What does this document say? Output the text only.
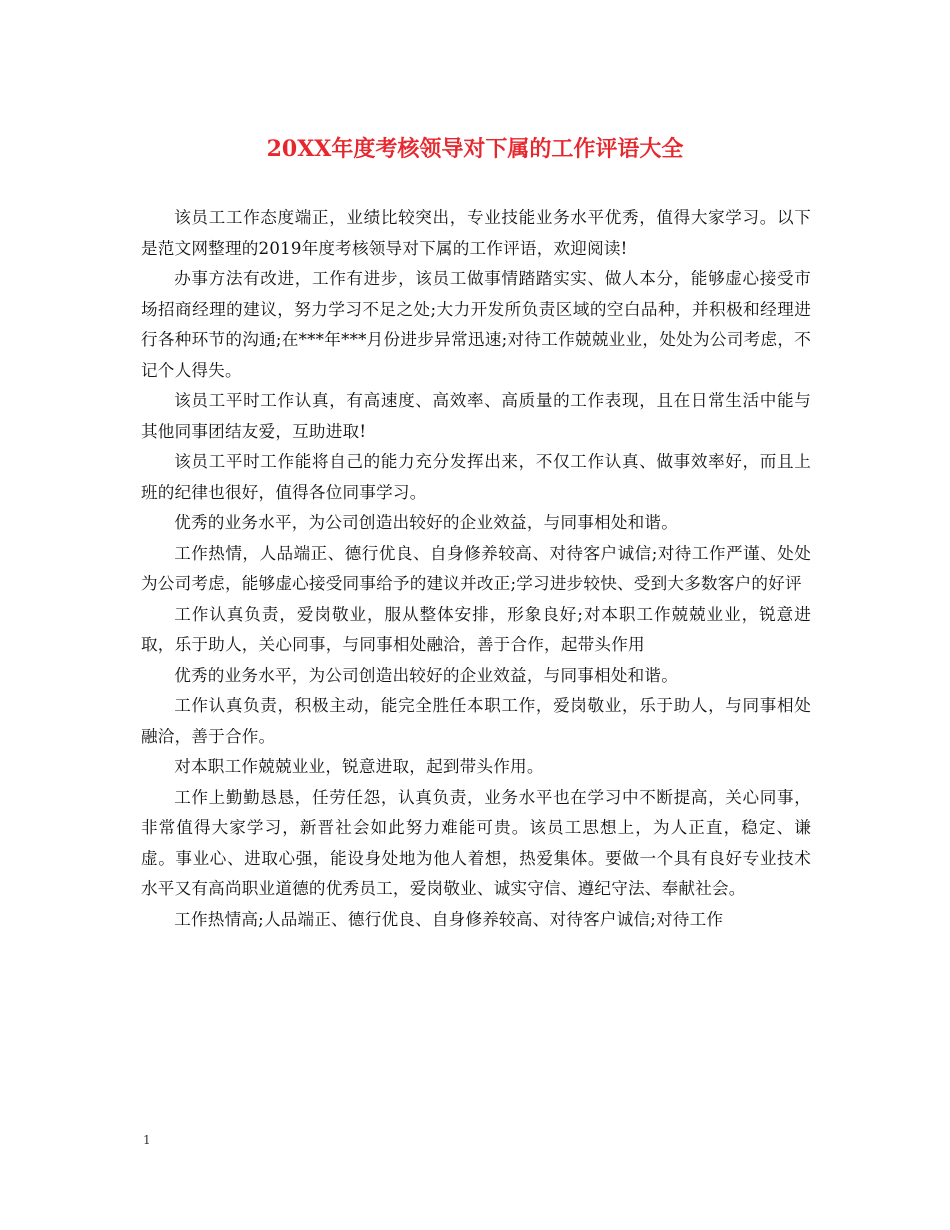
20XX年度考核领导对下属的工作评语大全

该员工工作态度端正，业绩比较突出，专业技能业务水平优秀，值得大家学习。以下是范文网整理的2019年度考核领导对下属的工作评语，欢迎阅读!

办事方法有改进，工作有进步，该员工做事情踏踏实实、做人本分，能够虚心接受市场招商经理的建议，努力学习不足之处;大力开发所负责区域的空白品种，并积极和经理进行各种环节的沟通;在***年***月份进步异常迅速;对待工作兢兢业业，处处为公司考虑，不记个人得失。

该员工平时工作认真，有高速度、高效率、高质量的工作表现，且在日常生活中能与其他同事团结友爱，互助进取!

该员工平时工作能将自己的能力充分发挥出来，不仅工作认真、做事效率好，而且上班的纪律也很好，值得各位同事学习。

优秀的业务水平，为公司创造出较好的企业效益，与同事相处和谐。

工作热情，人品端正、德行优良、自身修养较高、对待客户诚信;对待工作严谨、处处为公司考虑，能够虚心接受同事给予的建议并改正;学习进步较快、受到大多数客户的好评

工作认真负责，爱岗敬业，服从整体安排，形象良好;对本职工作兢兢业业，锐意进取，乐于助人，关心同事，与同事相处融洽，善于合作，起带头作用

优秀的业务水平，为公司创造出较好的企业效益，与同事相处和谐。

工作认真负责，积极主动，能完全胜任本职工作，爱岗敬业，乐于助人，与同事相处融洽，善于合作。

对本职工作兢兢业业，锐意进取，起到带头作用。

工作上勤勤恳恳，任劳任怨，认真负责，业务水平也在学习中不断提高，关心同事，非常值得大家学习，新晋社会如此努力难能可贵。该员工思想上，为人正直，稳定、谦虚。事业心、进取心强，能设身处地为他人着想，热爱集体。要做一个具有良好专业技术水平又有高尚职业道德的优秀员工，爱岗敬业、诚实守信、遵纪守法、奉献社会。

工作热情高;人品端正、德行优良、自身修养较高、对待客户诚信;对待工作

1
